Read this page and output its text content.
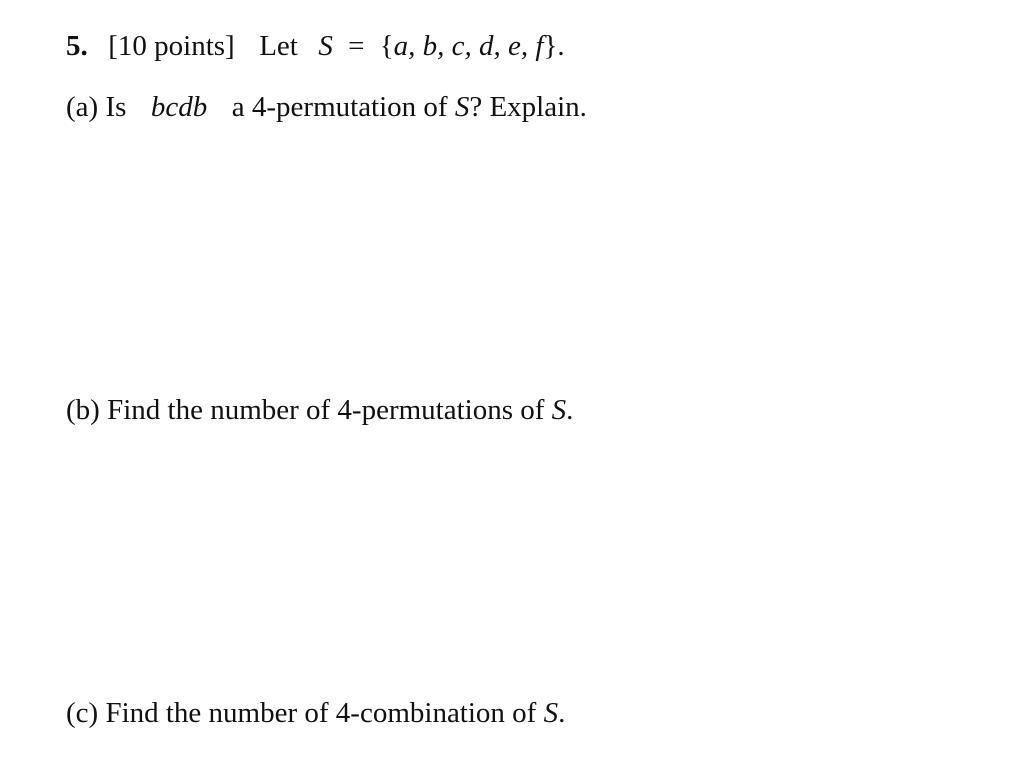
5. [10 points] Let S = {a, b, c, d, e, f}.
(a) Is bcdb a 4-permutation of S? Explain.
(b) Find the number of 4-permutations of S.
(c) Find the number of 4-combination of S.
